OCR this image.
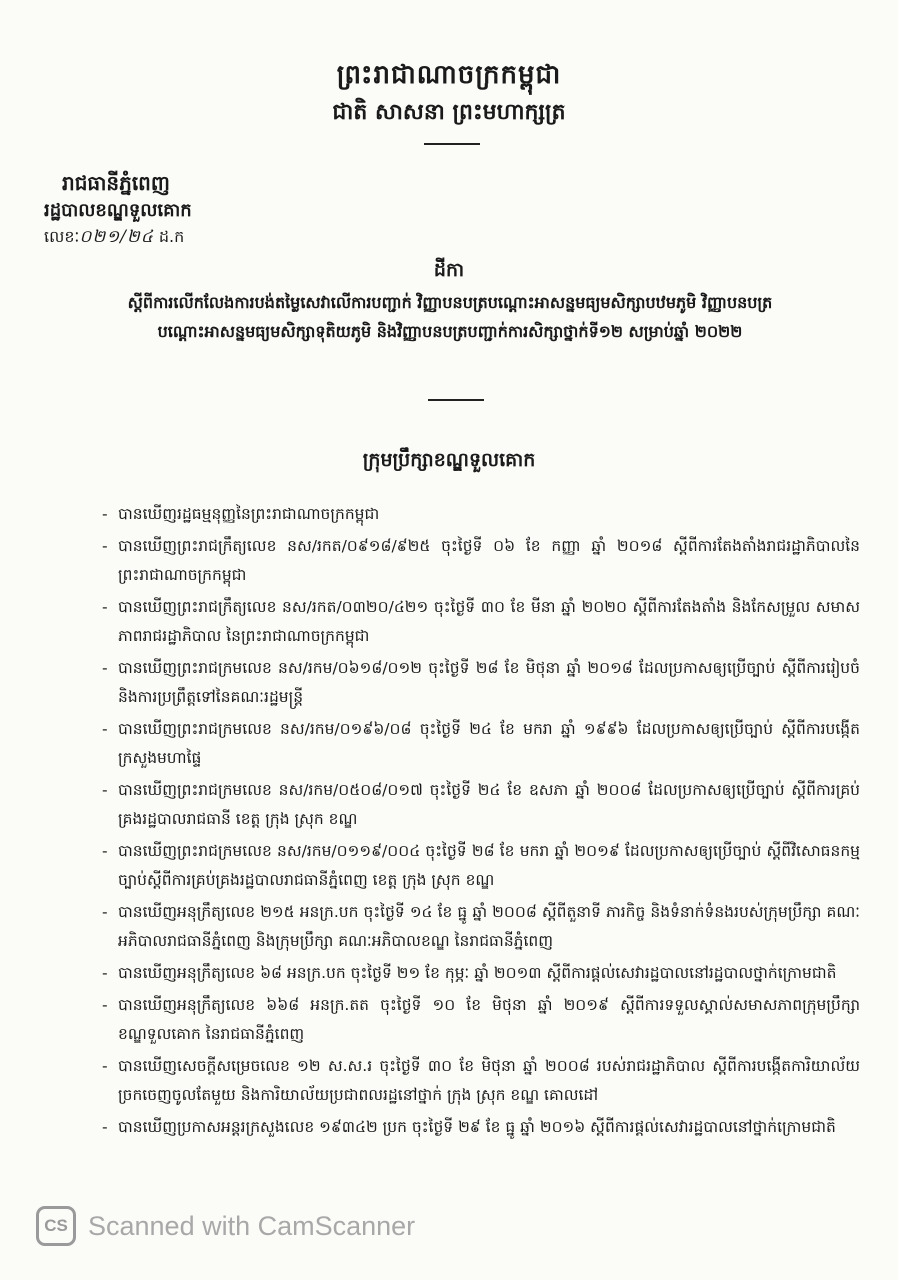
ព្រះរាជាណាចក្រកម្ពុជា
ជាតិ សាសនា ព្រះមហាក្សត្រ
រាជធានីភ្នំពេញ
រដ្ឋបាលខណ្ឌទួលគោក
លេខៈ០២១/២៤ ដ.ក
ដីកា
ស្តីពីការលើកលែងការបង់តម្លៃសេវាលើការបញ្ជាក់ វិញ្ញាបនបត្របណ្ដោះអាសន្នមធ្យមសិក្សាបឋមភូមិ វិញ្ញាបនបត្របណ្ដោះអាសន្នមធ្យមសិក្សាទុតិយភូមិ និងវិញ្ញាបនបត្របញ្ជាក់ការសិក្សាថ្នាក់ទី១២ សម្រាប់ឆ្នាំ ២០២២
ក្រុមប្រឹក្សាខណ្ឌទួលគោក
- បានឃើញរដ្ឋធម្មនុញ្ញនៃព្រះរាជាណាចក្រកម្ពុជា
- បានឃើញព្រះរាជក្រឹត្យលេខ នស/រកត/០៩១៨/៩២៥ ចុះថ្ងៃទី ០៦ ខែ កញ្ញា ឆ្នាំ ២០១៨ ស្តីពីការតែងតាំងរាជរដ្ឋាភិបាលនៃព្រះរាជាណាចក្រកម្ពុជា
- បានឃើញព្រះរាជក្រឹត្យលេខ នស/រកត/០៣២០/៤២១ ចុះថ្ងៃទី ៣០ ខែ មីនា ឆ្នាំ ២០២០ ស្តីពីការតែងតាំង និងកែសម្រួល សមាសភាពរាជរដ្ឋាភិបាល នៃព្រះរាជាណាចក្រកម្ពុជា
- បានឃើញព្រះរាជក្រមលេខ នស/រកម/០៦១៨/០១២ ចុះថ្ងៃទី ២៨ ខែ មិថុនា ឆ្នាំ ២០១៨ ដែលប្រកាសឲ្យប្រើច្បាប់ ស្តីពីការរៀបចំ និងការប្រព្រឹត្តទៅនៃគណៈរដ្ឋមន្ត្រី
- បានឃើញព្រះរាជក្រមលេខ នស/រកម/០១៩៦/០៨ ចុះថ្ងៃទី ២៤ ខែ មករា ឆ្នាំ ១៩៩៦ ដែលប្រកាសឲ្យប្រើច្បាប់ ស្តីពីការបង្កើតក្រសួងមហាផ្ទៃ
- បានឃើញព្រះរាជក្រមលេខ នស/រកម/០៥០៨/០១៧ ចុះថ្ងៃទី ២៤ ខែ ឧសភា ឆ្នាំ ២០០៨ ដែលប្រកាសឲ្យប្រើច្បាប់ ស្តីពីការគ្រប់គ្រងរដ្ឋបាលរាជធានី ខេត្ត ក្រុង ស្រុក ខណ្ឌ
- បានឃើញព្រះរាជក្រមលេខ នស/រកម/០១១៩/០០៤ ចុះថ្ងៃទី ២៨ ខែ មករា ឆ្នាំ ២០១៩ ដែលប្រកាសឲ្យប្រើច្បាប់ ស្តីពីវិសោធនកម្មច្បាប់ស្តីពីការគ្រប់គ្រងរដ្ឋបាលរាជធានីភ្នំពេញ ខេត្ត ក្រុង ស្រុក ខណ្ឌ
- បានឃើញអនុក្រឹត្យលេខ ២១៥ អនក្រ.បក ចុះថ្ងៃទី ១៤ ខែ ធ្នូ ឆ្នាំ ២០០៨ ស្តីពីតួនាទី ភារកិច្ច និងទំនាក់ទំនងរបស់ក្រុមប្រឹក្សា គណៈអភិបាលរាជធានីភ្នំពេញ និងក្រុមប្រឹក្សា គណៈអភិបាលខណ្ឌ នៃរាជធានីភ្នំពេញ
- បានឃើញអនុក្រឹត្យលេខ ៦៨ អនក្រ.បក ចុះថ្ងៃទី ២១ ខែ កុម្ភៈ ឆ្នាំ ២០១៣ ស្តីពីការផ្តល់សេវារដ្ឋបាលនៅរដ្ឋបាលថ្នាក់ក្រោមជាតិ
- បានឃើញអនុក្រឹត្យលេខ ៦៦៨ អនក្រ.តត ចុះថ្ងៃទី ១០ ខែ មិថុនា ឆ្នាំ ២០១៩ ស្តីពីការទទួលស្គាល់សមាសភាពក្រុមប្រឹក្សាខណ្ឌទួលគោក នៃរាជធានីភ្នំពេញ
- បានឃើញសេចក្តីសម្រេចលេខ ១២ ស.ស.រ ចុះថ្ងៃទី ៣០ ខែ មិថុនា ឆ្នាំ ២០០៨ របស់រាជរដ្ឋាភិបាល ស្តីពីការបង្កើតការិយាល័យច្រកចេញចូលតែមួយ និងការិយាល័យប្រជាពលរដ្ឋនៅថ្នាក់ ក្រុង ស្រុក ខណ្ឌ គោលដៅ
- បានឃើញប្រកាសអន្តរក្រសួងលេខ ១៩៣៤២ ប្រក ចុះថ្ងៃទី ២៩ ខែ ធ្នូ ឆ្នាំ ២០១៦ ស្តីពីការផ្តល់សេវារដ្ឋបាលនៅថ្នាក់ក្រោមជាតិ
CS Scanned with CamScanner
